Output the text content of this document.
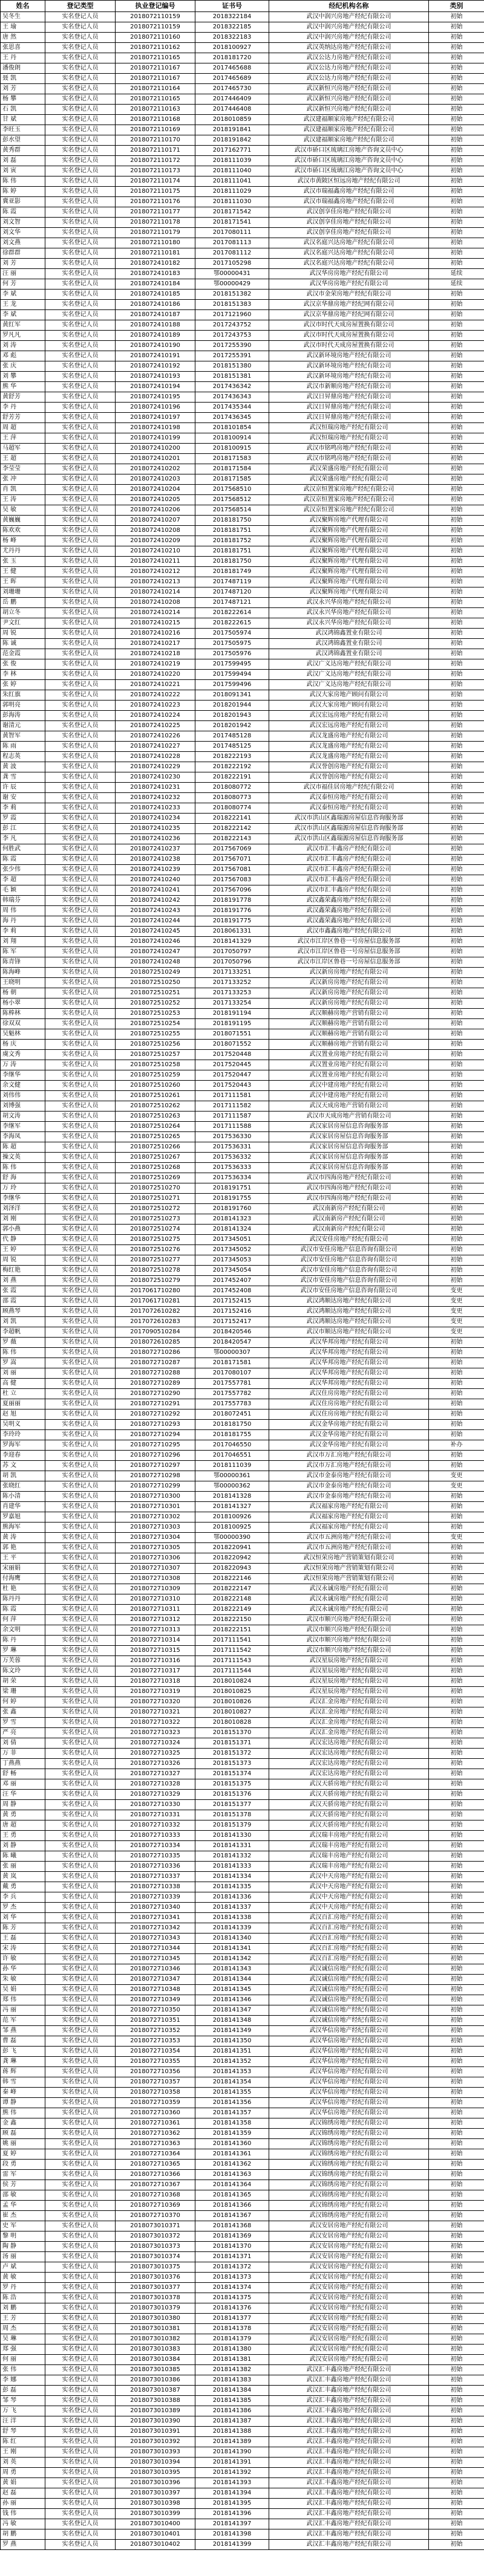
姓名	登记类型	执业登记编号	证书号	经纪机构名称	类别
吴冬生	实名登记人员	2018072110159	2018322184	武汉中润兴房地产经纪有限公司	初始
王 瑜	实名登记人员	2018072110159	2018322185	武汉中润兴房地产经纪有限公司	初始
唐 然	实名登记人员	2018072110160	2018322183	武汉中润兴房地产经纪有限公司	初始
张思喜	实名登记人员	2018072110162	2018100927	武汉英纳达房地产经纪有限公司	初始
王 丹	实名登记人员	2018072110165	2018181720	武汉公达力房地产经纪有限公司	初始
潘俊朗	实名登记人员	2018072110167	2017465688	武汉公达力房地产经纪有限公司	初始
聂 凯	实名登记人员	2018072110167	2017465689	武汉公达力房地产经纪有限公司	初始
刘 芳	实名登记人员	2018072110164	2017465730	武汉新恒兴房地产经纪有限公司	初始
杨 攀	实名登记人员	2018072110165	2017446409	武汉新恒兴房地产经纪有限公司	初始
石 凯	实名登记人员	2018072110163	2017446408	武汉新恒兴房地产经纪有限公司	初始
甘 斌	实名登记人员	2018072110168	2018010859	武汉建福顺家房地产经纪有限公司	初始
李旺玉	实名登记人员	2018072110169	2018191841	武汉建福顺家房地产经纪有限公司	初始
彭水望	实名登记人员	2018072110170	2018191842	武汉建福顺家房地产经纪有限公司	初始
黄秀群	实名登记人员	2018072110171	2017162771	武汉市硚口区琉璃江房地产咨询文员中心	初始
刘 磊	实名登记人员	2018072110172	2018111039	武汉市硚口区琉璃江房地产咨询文员中心	初始
刘 寅	实名登记人员	2018072110173	2018111040	武汉市硚口区琉璃江房地产咨询文员中心	初始
陈 伟	实名登记人员	2018072110174	2018111041	武汉市黄陂区恒远房地产经纪有限公司	初始
陈 婷	实名登记人员	2018072110175	2018111029	武汉市瑞福鑫房地产经纪有限公司	初始
冀亚影	实名登记人员	2018072110176	2018111030	武汉市瑞福鑫房地产经纪有限公司	初始
陈 霞	实名登记人员	2018072110177	2018171542	武汉创享佳房地产经纪有限公司	初始
刘文智	实名登记人员	2018072110178	2018171541	武汉创享佳房地产经纪有限公司	初始
刘文华	实名登记人员	2018072110179	2017080111	武汉创享佳房地产经纪有限公司	初始
刘文燕	实名登记人员	2018072110180	2017081113	武汉名庭兴达房地产经纪有限公司	初始
徐群群	实名登记人员	2018072110181	2017081112	武汉名庭兴达房地产经纪有限公司	初始
刘 芳	实名登记人员	2018072410182	2017105298	武汉名庭兴达房地产经纪有限公司	初始
汪 丽	实名登记人员	2018072410183	鄂00000431	武汉华房房地产经纪有限公司	延续
何 芳	实名登记人员	2018072410184	鄂00000429	武汉华房房地产经纪有限公司	延续
李 斌	实名登记人员	2018072410185	2018151382	武汉市金荣房地产经纪有限公司	初始
王 龙	实名登记人员	2018072410186	2018151383	武汉京华鼎房地产经纪网有限公司	初始
李 斌	实名登记人员	2018072410187	2017121960	武汉京华鼎房地产经纪网有限公司	初始
黄红军	实名登记人员	2018072410188	2017243752	武汉市时代天成房屋置换有限公司	初始
罗凡凡	实名登记人员	2018072410189	2017243753	武汉市时代天成房屋置换有限公司	初始
刘 涛	实名登记人员	2018072410190	2017255390	武汉市时代天成房屋置换有限公司	初始
邓 彪	实名登记人员	2018072410191	2017255391	武汉新环境房地产经纪有限公司	初始
张 庆	实名登记人员	2018072410192	2018151380	武汉新环境房地产经纪有限公司	初始
刘 攀	实名登记人员	2018072410193	2018151381	武汉新环境房地产经纪有限公司	初始
熊 华	实名登记人员	2018072410194	2017436342	武汉市新顺房地产经纪有限公司	初始
黄舒芳	实名登记人员	2018072410195	2017436343	武汉日昇鼎房地产经纪有限公司	初始
李 丹	实名登记人员	2018072410196	2017435344	武汉日昇鼎房地产经纪有限公司	初始
舒芳芳	实名登记人员	2018072410197	2017436345	武汉日昇鼎房地产经纪有限公司	初始
周 超	实名登记人员	2018072410198	2018101854	武汉恒瑞房地产经纪有限公司	初始
王 萍	实名登记人员	2018072410199	2018100914	武汉恒瑞房地产经纪有限公司	初始
马超军	实名登记人员	2018072410200	2018100915	武汉市铭鸣房地产经纪有限公司	初始
王 超	实名登记人员	2018072410201	2018171583	武汉市铭鸣房地产经纪有限公司	初始
李莹莹	实名登记人员	2018072410202	2018171584	武汉荣盛房地产经纪有限公司	初始
张 冲	实名登记人员	2018072410203	2018171585	武汉荣盛房地产经纪有限公司	初始
肖 凯	实名登记人员	2018072410204	2017568510	武汉京恒置家房地产经纪有限公司	初始
王 涛	实名登记人员	2018072410205	2017568512	武汉京恒置家房地产经纪有限公司	初始
吴 敏	实名登记人员	2018072410206	2017568514	武汉京恒置家房地产经纪有限公司	初始
黄巍巍	实名登记人员	2018072410207	2018181750	武汉聚辉房地产代理有限公司	初始
陈欢欢	实名登记人员	2018072410208	2018181751	武汉聚辉房地产代理有限公司	初始
杨 峰	实名登记人员	2018072410209	2018181752	武汉聚辉房地产代理有限公司	初始
尤丹丹	实名登记人员	2018072410210	2018181751	武汉聚辉房地产代理有限公司	初始
张 玉	实名登记人员	2018072410211	2018181750	武汉聚辉房地产代理有限公司	初始
王 健	实名登记人员	2018072410212	2018181749	武汉聚辉房地产代理有限公司	初始
王 晖	实名登记人员	2018072410213	2017487119	武汉聚辉房地产代理有限公司	初始
刘珊珊	实名登记人员	2018072410214	2017487120	武汉聚辉房地产代理有限公司	初始
岳 鹏	实名登记人员	2018072410208	2017487121	武汉永兴华房地产经纪有限公司	初始
胡立冬	实名登记人员	2018072410214	2018222614	武汉永兴华房地产经纪有限公司	初始
尹文红	实名登记人员	2018072410215	2018222615	武汉永兴华房地产经纪有限公司	初始
周 锐	实名登记人员	2018072410216	2017505974	武汉鸿锦鑫置业有限公司	初始
陈 诚	实名登记人员	2018072410217	2017505975	武汉鸿锦鑫置业有限公司	初始
范金霞	实名登记人员	2018072410218	2017505976	武汉鸿锦鑫置业有限公司	初始
张 俊	实名登记人员	2018072410219	2017599495	武汉广义达房地产经纪有限公司	初始
李 林	实名登记人员	2018072410220	2017599494	武汉广义达房地产经纪有限公司	初始
张 婷	实名登记人员	2018072410221	2017599496	武汉广义达房地产经纪有限公司	初始
朱红旗	实名登记人员	2018072410222	2018091341	武汉大家房地产顾问有限公司	初始
郭明亮	实名登记人员	2018072410223	2018201944	武汉大家房地产顾问有限公司	初始
彭海涛	实名登记人员	2018072410224	2018201943	武汉宏远房地产经纪有限公司	初始
谢清元	实名登记人员	2018072410225	2018201942	武汉宏远房地产经纪有限公司	初始
黄智军	实名登记人员	2018072410226	2017485128	武汉龙盛房地产经纪有限公司	初始
陈 雨	实名登记人员	2018072410227	2017485125	武汉龙盛房地产经纪有限公司	初始
程志英	实名登记人员	2018072410228	2018222193	武汉龙盛房地产经纪有限公司	初始
黄 波	实名登记人员	2018072410229	2018222192	武汉誉创房地产经纪有限公司	初始
龚 雪	实名登记人员	2018072410230	2018222191	武汉誉创房地产经纪有限公司	初始
许 辰	实名登记人员	2018072410231	2018080772	武汉市福佳居房地产经纪有限公司	初始
谢 安	实名登记人员	2018072410232	2018080773	武汉泰恒房地产经纪有限公司	初始
李 莉	实名登记人员	2018072410233	2018080774	武汉泰恒房地产经纪有限公司	初始
罗 霞	实名登记人员	2018072410234	2018222141	武汉市洪山区鑫瑞源房屋信息咨询服务部	初始
彭 江	实名登记人员	2018072410235	2018222142	武汉市洪山区鑫瑞源房屋信息咨询服务部	初始
李 凡	实名登记人员	2018072410236	2018222143	武汉市洪山区鑫瑞源房屋信息咨询服务部	初始
何胜武	实名登记人员	2018072410237	2017567069	武汉市汇丰鑫房产经纪有限公司	初始
陈 霞	实名登记人员	2018072410238	2017567071	武汉市汇丰鑫房产经纪有限公司	初始
张少伟	实名登记人员	2018072410239	2017567081	武汉市汇丰鑫房产经纪有限公司	初始
李 超	实名登记人员	2018072410240	2017567083	武汉市汇丰鑫房产经纪有限公司	初始
毛 颖	实名登记人员	2018072410241	2017567096	武汉市汇丰鑫房产经纪有限公司	初始
韩瑞芬	实名登记人员	2018072410242	2018191778	武汉鑫荣鑫房地产经纪有限公司	初始
周 伟	实名登记人员	2018072410243	2018191776	武汉鑫荣鑫房地产经纪有限公司	初始
海 丹	实名登记人员	2018072410244	2018191775	武汉鑫荣鑫房地产经纪有限公司	初始
李 莉	实名登记人员	2018072410245	2018061331	武汉市鑫鑫房地产经纪有限公司	初始
刘 翔	实名登记人员	2018072410246	2018141329	武汉市江岸区鲁巷一号房屋信息服务部	初始
陈 军	实名登记人员	2018072410247	2017050797	武汉市江岸区鲁巷一号房屋信息服务部	初始
陈青锋	实名登记人员	2018072410248	2017050796	武汉市江岸区鲁巷一号房屋信息服务部	初始
陈海峰	实名登记人员	2018072510249	2017133251	武汉新房房地产经纪有限公司	初始
王晓明	实名登记人员	2018072510250	2017133252	武汉新房房地产经纪有限公司	初始
杨 朝	实名登记人员	2018072510251	2017133253	武汉新房房地产经纪有限公司	初始
杨小翠	实名登记人员	2018072510252	2017133254	武汉新房房地产经纪有限公司	初始
陈棒林	实名登记人员	2018072510253	2018191194	武汉顺赫房地产营销有限公司	初始
徐双双	实名登记人员	2018072510254	2018191195	武汉顺赫房地产营销有限公司	初始
吴魁林	实名登记人员	2018072510255	2018071551	武汉顺赫房地产营销有限公司	初始
杨 庆	实名登记人员	2018072510256	2018071552	武汉顺赫房地产营销有限公司	初始
虞文秀	实名登记人员	2018072510257	2017520448	武汉置业房地产经纪有限公司	初始
万 涛	实名登记人员	2018072510258	2017520445	武汉置业房地产经纪有限公司	初始
李继华	实名登记人员	2018072510259	2017520447	武汉置业房地产经纪有限公司	初始
余文健	实名登记人员	2018072510260	2017520443	武汉中建房地产经纪有限公司	初始
刘伟伟	实名登记人员	2018072510261	2017111581	武汉中建房地产经纪有限公司	初始
刘博强	实名登记人员	2018072510262	2017111582	武汉天成房地产营销有限公司	初始
胡文涛	实名登记人员	2018072510263	2017111587	武汉市天成房地产营销有限公司	初始
李继军	实名登记人员	2018072510264	2017111588	武汉家居房屋信息咨询服务部	初始
李海凤	实名登记人员	2018072510265	2017536330	武汉家居房屋信息咨询服务部	初始
陈 超	实名登记人员	2018072510266	2017536331	武汉家居房屋信息咨询服务部	初始
操文英	实名登记人员	2018072510267	2017536332	武汉家居房屋信息咨询服务部	初始
陈 伟	实名登记人员	2018072510268	2017536333	武汉家居房屋信息咨询服务部	初始
舒 海	实名登记人员	2018072510269	2017536334	武汉市四海房地产经纪有限公司	初始
万 玲	实名登记人员	2018072510270	2018191751	武汉市四海房地产经纪有限公司	初始
李继华	实名登记人员	2018072510271	2018191755	武汉市四海房地产经纪有限公司	初始
刘泽洋	实名登记人员	2018072510272	2018191760	武汉南新房产经纪有限公司	初始
刘 刚	实名登记人员	2018072510273	2018141323	武汉南新房产经纪有限公司	初始
郭小燕	实名登记人员	2018072510274	2018141324	武汉南新房产经纪有限公司	初始
代 静	实名登记人员	2018072510275	2017345051	武汉安佳房地产经纪有限公司	初始
王 婷	实名登记人员	2018072510276	2017345052	武汉市安佳房地产信息咨询有限公司	初始
周 锐	实名登记人员	2018072510277	2017345053	武汉市安佳房地产信息咨询有限公司	初始
梅红艳	实名登记人员	2018072510278	2017345054	武汉市安佳房地产信息咨询有限公司	初始
刘 燕	实名登记人员	2018072510279	2017452407	武汉市安佳房地产信息咨询有限公司	初始
张 霞	实名登记人员	2017061710280	2017452408	武汉市安佳房地产信息咨询有限公司	变更
邵 霞	实名登记人员	2017061710281	2017152415	武汉鸿顺达房地产经纪有限公司	变更
顾燕琴	实名登记人员	2017072610282	2017152416	武汉鸿顺达房地产经纪有限公司	变更
刘 凯	实名登记人员	2017072610283	2017152417	武汉鸿顺达房地产经纪有限公司	变更
李超帆	实名登记人员	2017090510284	2018420546	武汉市顺达房地产经纪有限公司	变更
罗 薇	实名登记人员	2018072610285	2018420547	武汉华邦房地产经纪有限公司	初始
陈 伟	实名登记人员	2018072710286	鄂00000307	武汉华邦房地产经纪有限公司	初始
罗 嵩	实名登记人员	2018072710287	2018171581	武汉华邦房地产经纪有限公司	初始
刘 丽	实名登记人员	2018072710288	2017080107	武汉华邦房地产经纪有限公司	初始
高 健	实名登记人员	2018072710289	2017557781	武汉华邦房地产经纪有限公司	初始
杜 立	实名登记人员	2018072710290	2017557782	武汉住房房地产经纪有限公司	初始
夏丽丽	实名登记人员	2018072710291	2017557783	武汉住房房地产经纪有限公司	初始
赵 旭	实名登记人员	2018072710292	2018072451	武汉住房房地产经纪有限公司	初始
吴明义	实名登记人员	2018072710293	2018181750	武汉金华房地产经纪有限公司	初始
李玲玲	实名登记人员	2018072710294	2018181755	武汉金华房地产经纪有限公司	初始
罗海军	实名登记人员	2018072710295	2017046550	武汉金华房地产经纪有限公司	补办
李迎春	实名登记人员	2018072710296	2017046551	武汉市万汇房地产经纪有限公司	初始
苏 文	实名登记人员	2018072710297	2018111039	武汉市万汇房地产经纪有限公司	初始
胡 凯	实名登记人员	2018072710298	鄂00000361	武汉市金泰房地产经纪有限公司	变更
张晓红	实名登记人员	2018072710299	鄂00000362	武汉市金泰房地产经纪有限公司	变更
陈小清	实名登记人员	2018072710300	2018141328	武汉市金泰房地产经纪有限公司	初始
肖建华	实名登记人员	2018072710301	2018141327	武汉福家房地产经纪有限公司	初始
罗嘉旭	实名登记人员	2018072710302	2018100926	武汉福家房地产经纪有限公司	初始
熊海军	实名登记人员	2018072710303	2018100925	武汉福家房地产经纪有限公司	初始
黄 涛	实名登记人员	2018072710304	鄂00000390	武汉市五洲房地产经纪有限公司	变更
郭 艳	实名登记人员	2018072710305	2018220941	武汉市五洲房地产经纪有限公司	初始
王 平	实名登记人员	2018072710306	2018220942	武汉恒荣房地产营销策划有限公司	初始
宋丽娟	实名登记人员	2018072710307	2018220943	武汉恒荣房地产营销策划有限公司	初始
付海鹰	实名登记人员	2018072710308	2018222146	武汉恒荣房地产营销策划有限公司	初始
杜 艳	实名登记人员	2018072710309	2018222147	武汉永诚房地产经纪有限公司	初始
陈丹丹	实名登记人员	2018072710310	2018222148	武汉永诚房地产经纪有限公司	初始
陈 霞	实名登记人员	2018072710311	2018222149	武汉永诚房地产经纪有限公司	初始
何 萍	实名登记人员	2018072710312	2018222150	武汉市顺兴房地产经纪有限公司	初始
余文明	实名登记人员	2018072710313	2018222151	武汉市顺兴房地产经纪有限公司	初始
陈 丹	实名登记人员	2018072710314	2017111541	武汉市顺兴房地产经纪有限公司	初始
罗 琳	实名登记人员	2018072710315	2017111542	武汉市顺兴房地产经纪有限公司	初始
万芙蓉	实名登记人员	2018072710316	2017111543	武汉星辰房地产经纪有限公司	初始
陈文玲	实名登记人员	2018072710317	2017111544	武汉星辰房地产经纪有限公司	初始
胡 荣	实名登记人员	2018072710318	2018010824	武汉星辰房地产经纪有限公司	初始
梁 珊	实名登记人员	2018072710319	2018010825	武汉星辰房地产经纪有限公司	初始
何 婷	实名登记人员	2018072710320	2018010826	武汉汇金房地产经纪有限公司	初始
张 鑫	实名登记人员	2018072710321	2018010827	武汉汇金房地产经纪有限公司	初始
罗 雪	实名登记人员	2018072710322	2018010828	武汉汇金房地产经纪有限公司	初始
严 亮	实名登记人员	2018072710323	2018151370	武汉汇金房地产经纪有限公司	初始
刘 倩	实名登记人员	2018072710324	2018151371	武汉宏达房地产经纪有限公司	初始
万 菲	实名登记人员	2018072710325	2018151372	武汉宏达房地产经纪有限公司	初始
丁燕燕	实名登记人员	2018072710326	2018151373	武汉宏达房地产经纪有限公司	初始
舒 畅	实名登记人员	2018072710327	2018151374	武汉宏达房地产经纪有限公司	初始
邓 丽	实名登记人员	2018072710328	2018151375	武汉天骄房地产经纪有限公司	初始
汪 华	实名登记人员	2018072710329	2018151376	武汉天骄房地产经纪有限公司	初始
周 静	实名登记人员	2018072710330	2018151377	武汉天骄房地产经纪有限公司	初始
黄 勇	实名登记人员	2018072710331	2018151378	武汉天骄房地产经纪有限公司	初始
唐 超	实名登记人员	2018072710332	2018151379	武汉天骄房地产经纪有限公司	初始
王 勇	实名登记人员	2018072710333	2018141330	武汉瑞丰房地产经纪有限公司	初始
刘 静	实名登记人员	2018072710334	2018141331	武汉瑞丰房地产经纪有限公司	初始
陈 曦	实名登记人员	2018072710335	2018141332	武汉瑞丰房地产经纪有限公司	初始
张 丽	实名登记人员	2018072710336	2018141333	武汉瑞丰房地产经纪有限公司	初始
黄 岚	实名登记人员	2018072710337	2018141334	武汉中天房地产经纪有限公司	初始
戴 勇	实名登记人员	2018072710338	2018141335	武汉中天房地产经纪有限公司	初始
李 兵	实名登记人员	2018072710339	2018141336	武汉中天房地产经纪有限公司	初始
罗 杰	实名登记人员	2018072710340	2018141337	武汉中天房地产经纪有限公司	初始
刘 华	实名登记人员	2018072710341	2018141338	武汉百汇房地产经纪有限公司	初始
陈 芳	实名登记人员	2018072710342	2018141339	武汉百汇房地产经纪有限公司	初始
王 磊	实名登记人员	2018072710343	2018141340	武汉百汇房地产经纪有限公司	初始
宋 涛	实名登记人员	2018072710344	2018141341	武汉百汇房地产经纪有限公司	初始
许 敏	实名登记人员	2018072710345	2018141342	武汉百汇房地产经纪有限公司	初始
孙 华	实名登记人员	2018072710346	2018141343	武汉诚信房地产经纪有限公司	初始
朱 敏	实名登记人员	2018072710347	2018141344	武汉诚信房地产经纪有限公司	初始
吴 娟	实名登记人员	2018072710348	2018141345	武汉诚信房地产经纪有限公司	初始
郑 伟	实名登记人员	2018072710349	2018141346	武汉诚信房地产经纪有限公司	初始
冯 丽	实名登记人员	2018072710350	2018141347	武汉诚信房地产经纪有限公司	初始
范 军	实名登记人员	2018072710351	2018141348	武汉诚信房地产经纪有限公司	初始
邹 燕	实名登记人员	2018072710352	2018141349	武汉华信房地产经纪有限公司	初始
曹 磊	实名登记人员	2018072710353	2018141350	武汉华信房地产经纪有限公司	初始
彭 飞	实名登记人员	2018072710354	2018141351	武汉华信房地产经纪有限公司	初始
龚 琳	实名登记人员	2018072710355	2018141352	武汉华信房地产经纪有限公司	初始
蒋 辉	实名登记人员	2018072710356	2018141353	武汉华信房地产经纪有限公司	初始
韩 雪	实名登记人员	2018072710357	2018141354	武汉华信房地产经纪有限公司	初始
秦 峰	实名登记人员	2018072710358	2018141355	武汉华信房地产经纪有限公司	初始
谭 静	实名登记人员	2018072710359	2018141356	武汉华信房地产经纪有限公司	初始
熊 伟	实名登记人员	2018072710360	2018141357	武汉华信房地产经纪有限公司	初始
金 鑫	实名登记人员	2018072710361	2018141358	武汉锦绣房地产经纪有限公司	初始
顾 磊	实名登记人员	2018072710362	2018141359	武汉锦绣房地产经纪有限公司	初始
姚 丽	实名登记人员	2018072710363	2018141360	武汉锦绣房地产经纪有限公司	初始
夏 婷	实名登记人员	2018072710364	2018141361	武汉锦绣房地产经纪有限公司	初始
段 勇	实名登记人员	2018072710365	2018141362	武汉锦绣房地产经纪有限公司	初始
雷 军	实名登记人员	2018072710366	2018141363	武汉锦绣房地产经纪有限公司	初始
侯 芳	实名登记人员	2018072710367	2018141364	武汉锦绣房地产经纪有限公司	初始
邵 敏	实名登记人员	2018072710368	2018141365	武汉锦绣房地产经纪有限公司	初始
孟 华	实名登记人员	2018072710369	2018141366	武汉锦绣房地产经纪有限公司	初始
崔 杰	实名登记人员	2018072710370	2018141367	武汉锦绣房地产经纪有限公司	初始
史 军	实名登记人员	2018073010371	2018141368	武汉安居房地产经纪有限公司	初始
黎 明	实名登记人员	2018073010372	2018141369	武汉安居房地产经纪有限公司	初始
陶 静	实名登记人员	2018073010373	2018141370	武汉安居房地产经纪有限公司	初始
汤 丽	实名登记人员	2018073010374	2018141371	武汉安居房地产经纪有限公司	初始
卢 斌	实名登记人员	2018073010375	2018141372	武汉安居房地产经纪有限公司	初始
黄 敏	实名登记人员	2018073010376	2018141373	武汉安居房地产经纪有限公司	初始
罗 丹	实名登记人员	2018073010377	2018141374	武汉安居房地产经纪有限公司	初始
陈 浩	实名登记人员	2018073010378	2018141375	武汉安居房地产经纪有限公司	初始
刘 鹏	实名登记人员	2018073010379	2018141376	武汉安居房地产经纪有限公司	初始
王 芳	实名登记人员	2018073010380	2018141377	武汉安居房地产经纪有限公司	初始
周 杰	实名登记人员	2018073010381	2018141378	武汉安居房地产经纪有限公司	初始
吴 琳	实名登记人员	2018073010382	2018141379	武汉安居房地产经纪有限公司	初始
郑 强	实名登记人员	2018073010383	2018141380	武汉安居房地产经纪有限公司	初始
何 丽	实名登记人员	2018073010384	2018141381	武汉安居房地产经纪有限公司	初始
张 伟	实名登记人员	2018073010385	2018141382	武汉汇丰鑫房地产经纪有限公司	初始
李 娜	实名登记人员	2018073010386	2018141383	武汉汇丰鑫房地产经纪有限公司	初始
彭 磊	实名登记人员	2018073010387	2018141384	武汉汇丰鑫房地产经纪有限公司	初始
邹 琴	实名登记人员	2018073010388	2018141385	武汉汇丰鑫房地产经纪有限公司	初始
万 飞	实名登记人员	2018073010389	2018141386	武汉汇丰鑫房地产经纪有限公司	初始
汪 洋	实名登记人员	2018073010390	2018141387	武汉汇丰鑫房地产经纪有限公司	初始
舒 琴	实名登记人员	2018073010391	2018141388	武汉汇丰鑫房地产经纪有限公司	初始
陈 红	实名登记人员	2018073010392	2018141389	武汉汇丰鑫房地产经纪有限公司	初始
王 刚	实名登记人员	2018073010393	2018141390	武汉汇丰鑫房地产经纪有限公司	初始
刘 英	实名登记人员	2018073010394	2018141391	武汉汇丰鑫房地产经纪有限公司	初始
周 勇	实名登记人员	2018073010395	2018141392	武汉汇丰鑫房地产经纪有限公司	初始
黄 娟	实名登记人员	2018073010396	2018141393	武汉汇丰鑫房地产经纪有限公司	初始
赵 磊	实名登记人员	2018073010397	2018141394	武汉汇丰鑫房地产经纪有限公司	初始
孙 丽	实名登记人员	2018073010398	2018141395	武汉汇丰鑫房地产经纪有限公司	初始
钱 伟	实名登记人员	2018073010399	2018141396	武汉汇丰鑫房地产经纪有限公司	初始
冯 敏	实名登记人员	2018073010400	2018141397	武汉汇丰鑫房地产经纪有限公司	初始
胡 鹏	实名登记人员	2018073010401	2018141398	武汉汇丰鑫房地产经纪有限公司	初始
罗 燕	实名登记人员	2018073010402	2018141399	武汉汇丰鑫房地产经纪有限公司	初始
